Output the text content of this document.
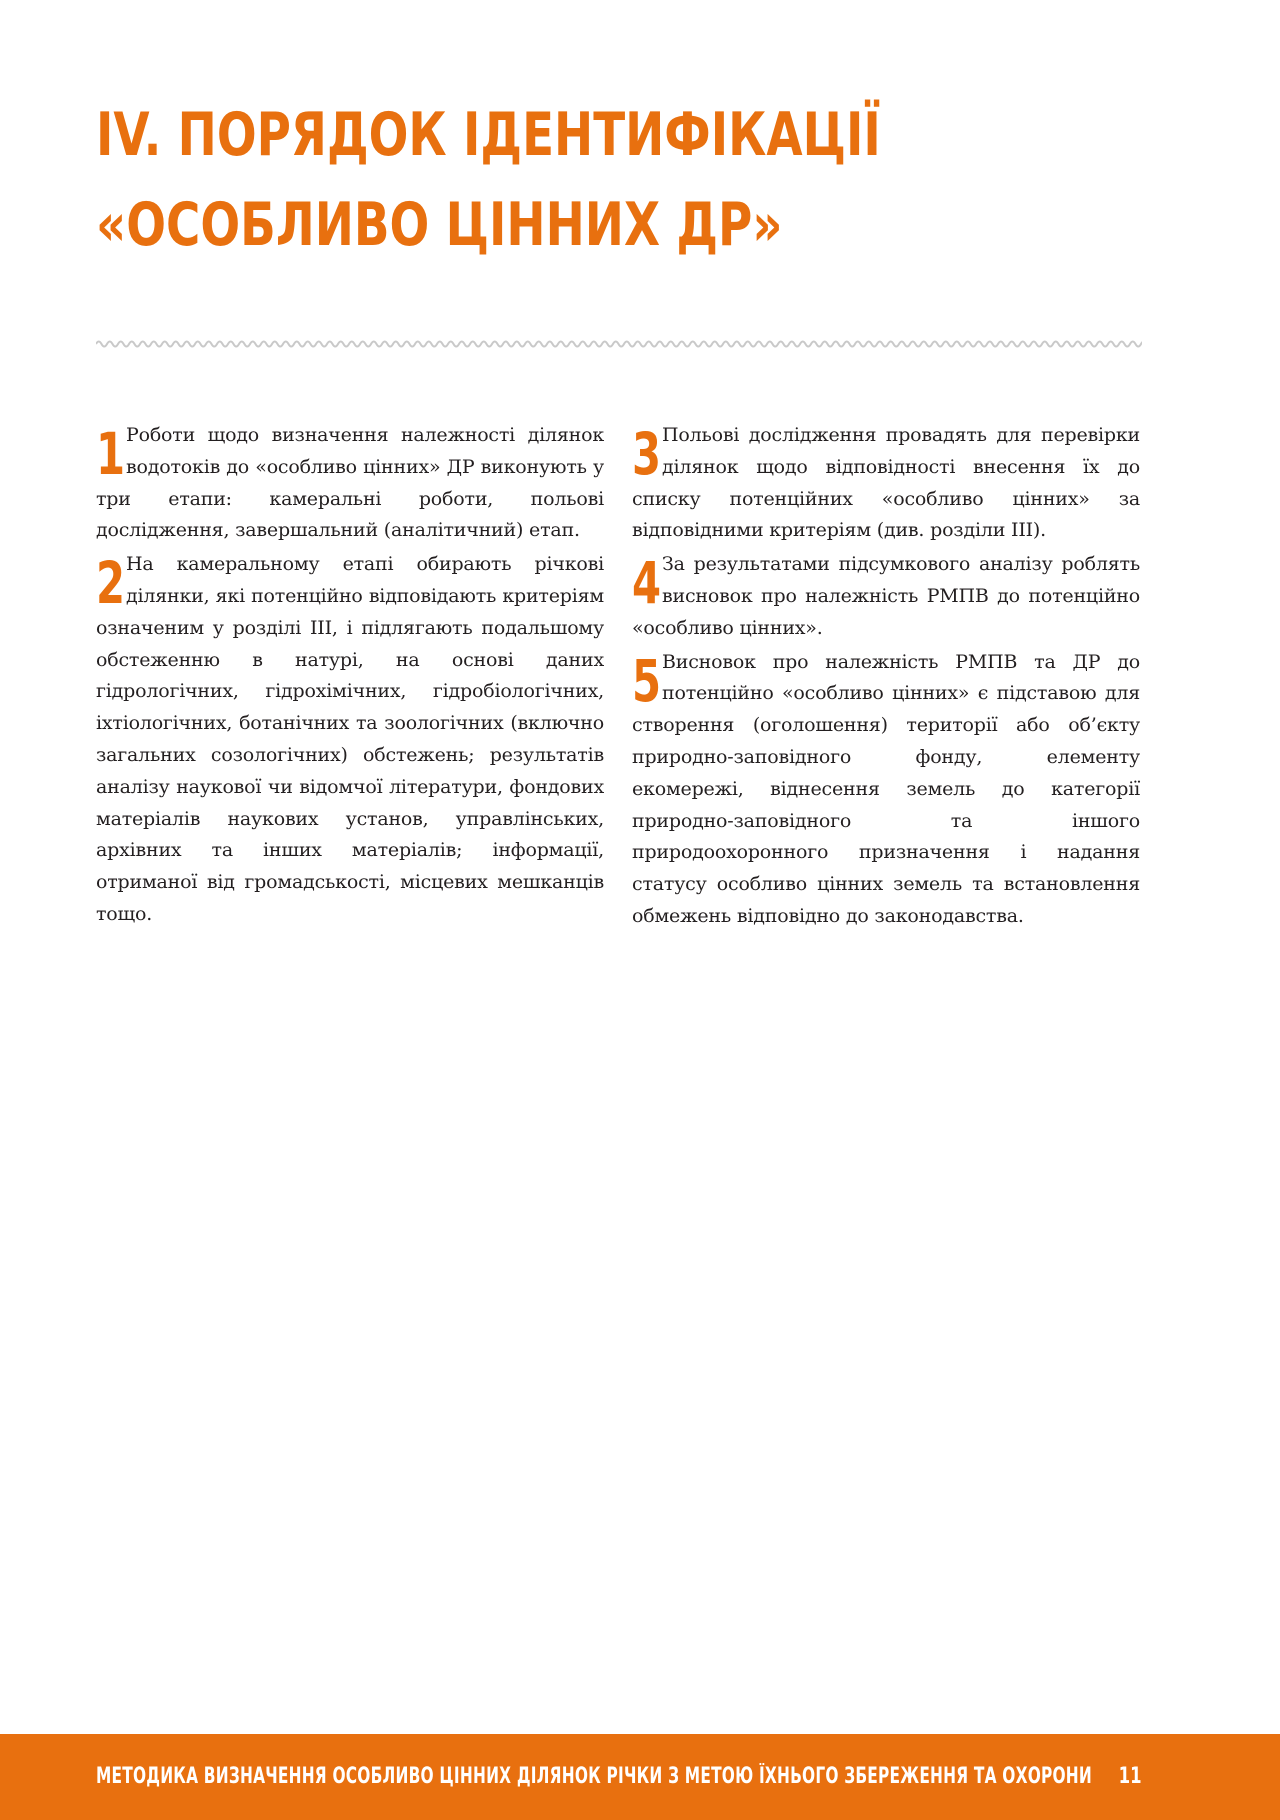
IV. ПОРЯДОК ІДЕНТИФІКАЦІЇ
«ОСОБЛИВО ЦІННИХ ДР»

1 Роботи щодо визначення належності ділянок водотоків до «особливо цінних» ДР виконують у три етапи: камеральні роботи, польові дослідження, завершальний (аналітичний) етап.

2 На камеральному етапі обирають річкові ділянки, які потенційно відповідають критеріям означеним у розділі ІІІ, і підлягають подальшому обстеженню в натурі, на основі даних гідрологічних, гідрохімічних, гідробіологічних, іхтіологічних, ботанічних та зоологічних (включно загальних созологічних) обстежень; результатів аналізу наукової чи відомчої літератури, фондових матеріалів наукових установ, управлінських, архівних та інших матеріалів; інформації, отриманої від громадськості, місцевих мешканців тощо.

3 Польові дослідження провадять для перевірки ділянок щодо відповідності внесення їх до списку потенційних «особливо цінних» за відповідними критеріям (див. розділи ІІІ).

4 За результатами підсумкового аналізу роблять висновок про належність РМПВ до потенційно «особливо цінних».

5 Висновок про належність РМПВ та ДР до потенційно «особливо цінних» є підставою для створення (оголошення) території або об’єкту природно-заповідного фонду, елементу екомережі, віднесення земель до категорії природно-заповідного та іншого природоохоронного призначення і надання статусу особливо цінних земель та встановлення обмежень відповідно до законодавства.

МЕТОДИКА ВИЗНАЧЕННЯ ОСОБЛИВО ЦІННИХ ДІЛЯНОК РІЧКИ З МЕТОЮ ЇХНЬОГО ЗБЕРЕЖЕННЯ ТА ОХОРОНИ 11
